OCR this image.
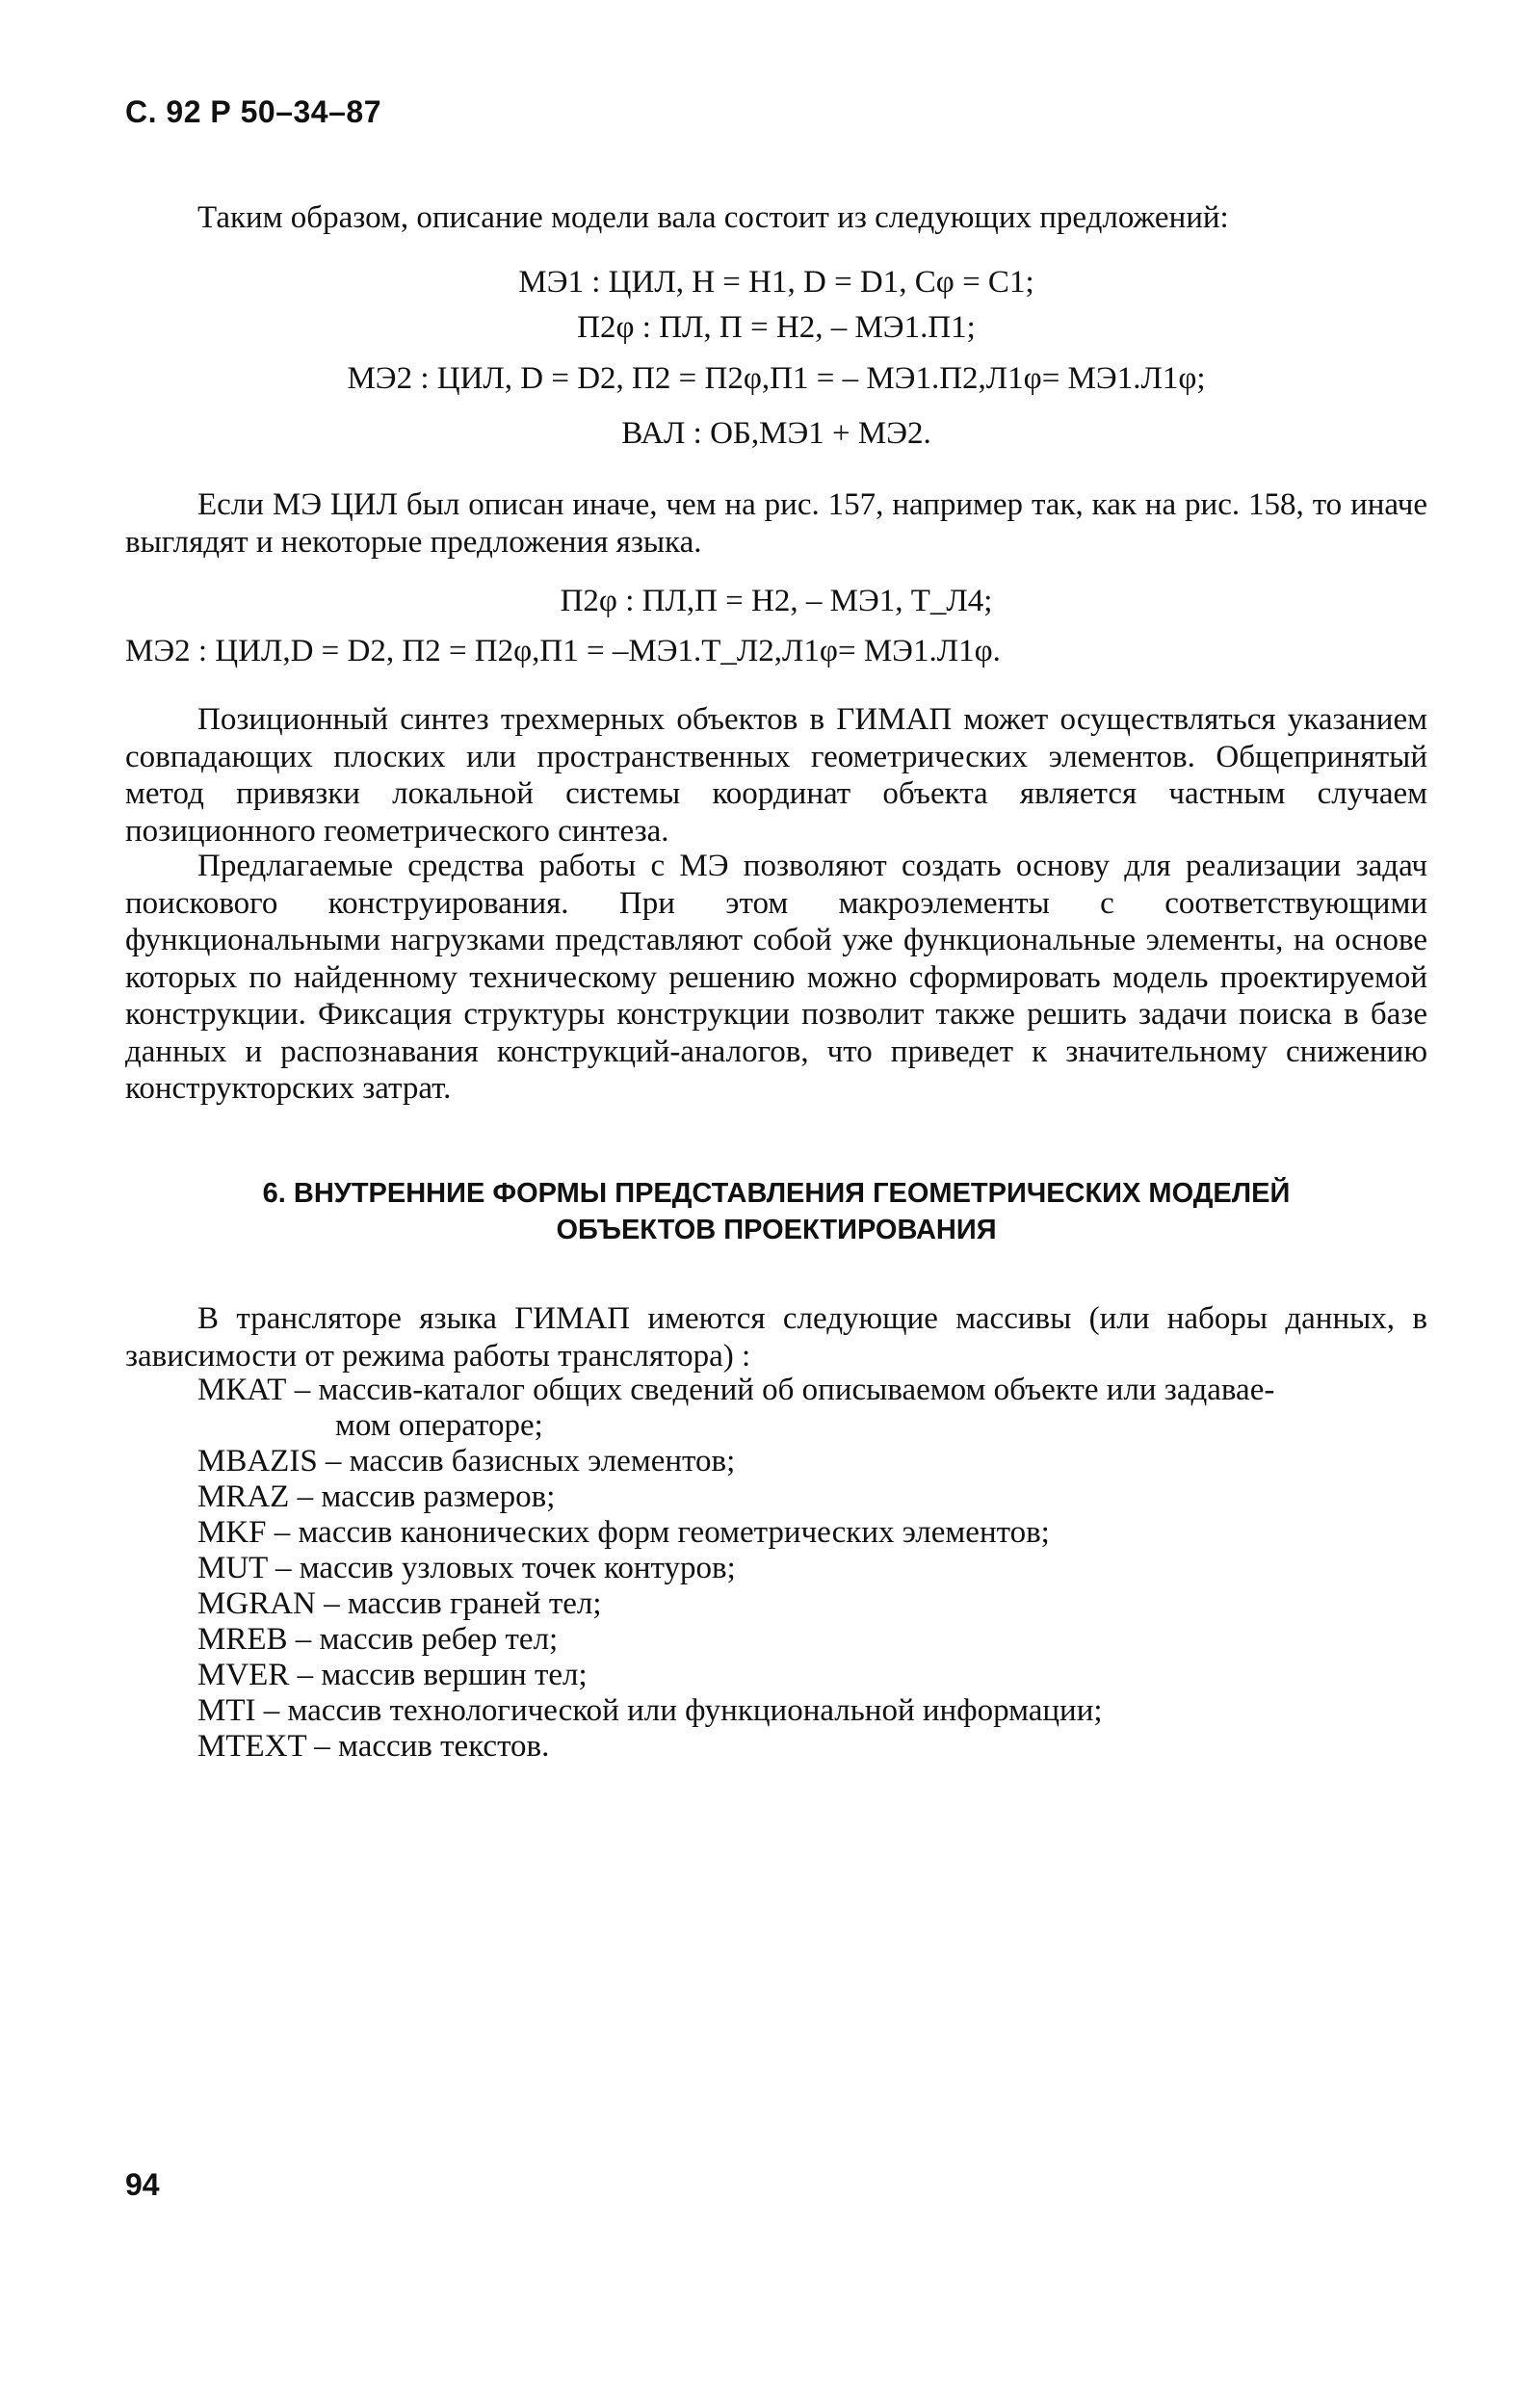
С. 92 Р 50–34–87
Таким образом, описание модели вала состоит из следующих предложений:
МЭ1 : ЦИЛ, Н = Н1, D = D1, Сφ = С1;
П2φ : ПЛ, П = Н2, – МЭ1.П1;
МЭ2 : ЦИЛ, D = D2, П2 = П2φ,П1 = – МЭ1.П2,Л1φ= МЭ1.Л1φ;
ВАЛ : ОБ,МЭ1 + МЭ2.
Если МЭ ЦИЛ был описан иначе, чем на рис. 157, например так, как на рис. 158, то иначе выглядят и некоторые предложения языка.
П2φ : ПЛ,П = Н2, – МЭ1, Т_Л4;
МЭ2 : ЦИЛ,D = D2, П2 = П2φ,П1 = –МЭ1.Т_Л2,Л1φ= МЭ1.Л1φ.
Позиционный синтез трехмерных объектов в ГИМАП может осуществляться указанием совпадающих плоских или пространственных геометрических элементов. Общепринятый метод привязки локальной системы координат объекта является частным случаем позиционного геометрического синтеза.
Предлагаемые средства работы с МЭ позволяют создать основу для реализации задач поискового конструирования. При этом макроэлементы с соответствующими функциональными нагрузками представляют собой уже функциональные элементы, на основе которых по найденному техническому решению можно сформировать модель проектируемой конструкции. Фиксация структуры конструкции позволит также решить задачи поиска в базе данных и распознавания конструкций-аналогов, что приведет к значительному снижению конструкторских затрат.
6. ВНУТРЕННИЕ ФОРМЫ ПРЕДСТАВЛЕНИЯ ГЕОМЕТРИЧЕСКИХ МОДЕЛЕЙ
ОБЪЕКТОВ ПРОЕКТИРОВАНИЯ
В трансляторе языка ГИМАП имеются следующие массивы (или наборы данных, в зависимости от режима работы транслятора) :
МКАТ – массив-каталог общих сведений об описываемом объекте или задавае-
мом операторе;
MBAZIS – массив базисных элементов;
MRAZ – массив размеров;
MKF – массив канонических форм геометрических элементов;
MUT – массив узловых точек контуров;
MGRAN – массив граней тел;
MREB – массив ребер тел;
MVER – массив вершин тел;
MTI – массив технологической или функциональной информации;
MTEXT – массив текстов.
94
